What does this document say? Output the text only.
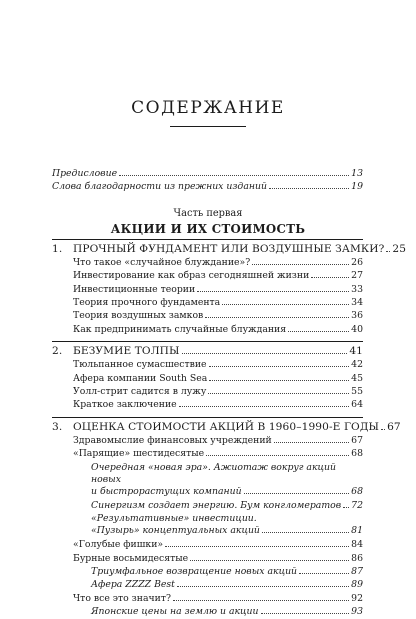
СОДЕРЖАНИЕ
Предисловие	13
Слова благодарности из прежних изданий	19
Часть первая
АКЦИИ И ИХ СТОИМОСТЬ
1.	ПРОЧНЫЙ ФУНДАМЕНТ ИЛИ ВОЗДУШНЫЕ ЗАМКИ? 25
Что такое «случайное блуждание»?	26
Инвестирование как образ сегодняшней жизни	27
Инвестиционные теории	33
Теория прочного фундамента	34
Теория воздушных замков	36
Как предпринимать случайные блуждания	40
2.	БЕЗУМИЕ ТОЛПЫ	41
Тюльпанное сумасшествие	42
Афера компании South Sea	45
Уолл-стрит садится в лужу	55
Краткое заключение	64
3.	ОЦЕНКА СТОИМОСТИ АКЦИЙ В 1960–1990-Е ГОДЫ 67
Здравомыслие финансовых учреждений	67
«Парящие» шестидесятые	68
Очередная «новая эра». Ажиотаж вокруг акций новых
и быстрорастущих компаний	68
Синергизм создает энергию. Бум конгломератов 72
«Результативные» инвестиции.
«Пузырь» концептуальных акций	81
«Голубые фишки»	84
Бурные восьмидесятые	86
Триумфальное возвращение новых акций	87
Афера ZZZZ Best	89
Что все это значит?	92
Японские цены на землю и акции	93
